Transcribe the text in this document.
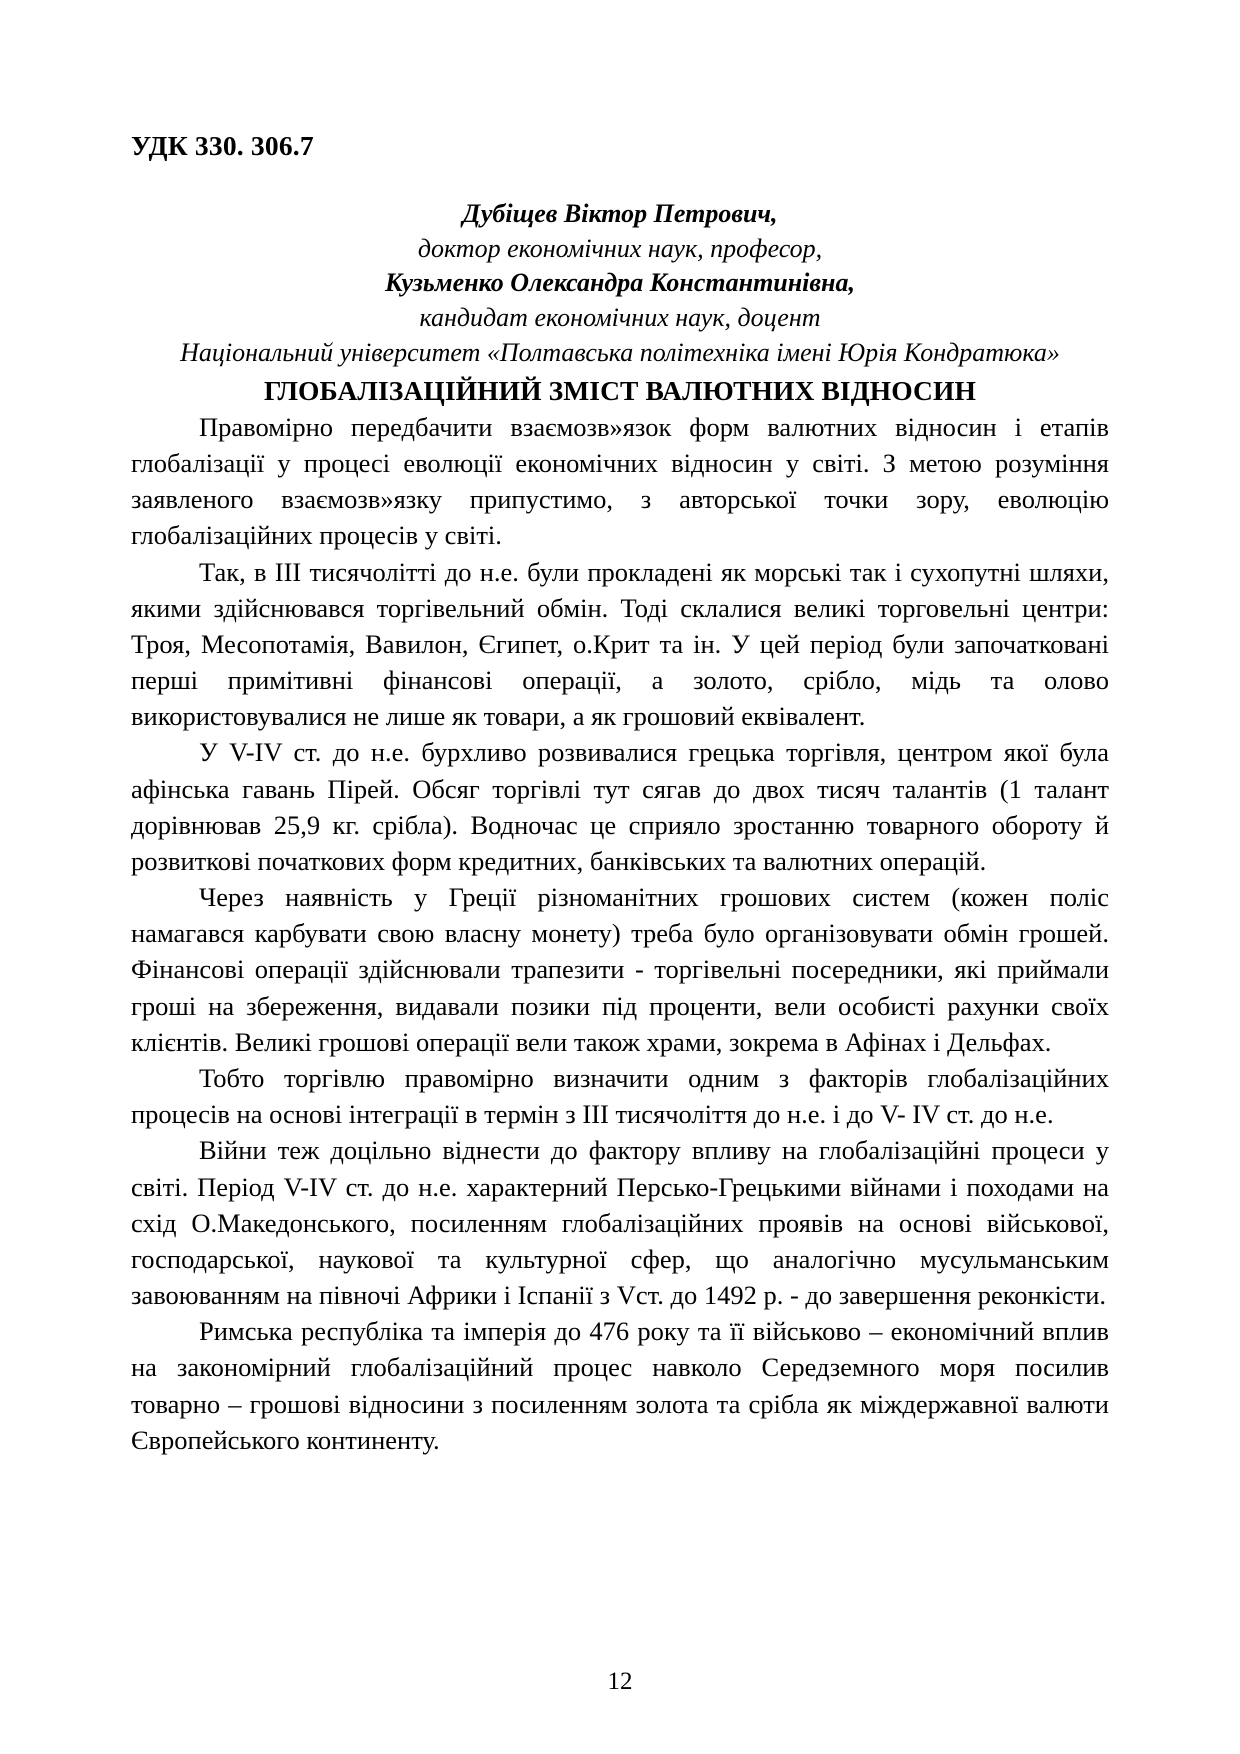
УДК 330. 306.7
Дубіщев Віктор Петрович,
доктор економічних наук, професор,
Кузьменко Олександра Константинівна,
кандидат економічних наук, доцент
Національний університет «Полтавська політехніка імені Юрія Кондратюка»
ГЛОБАЛІЗАЦІЙНИЙ ЗМІСТ ВАЛЮТНИХ ВІДНОСИН

Правомірно передбачити взаємозв»язок форм валютних відносин і етапів глобалізації у процесі еволюції економічних відносин у світі. З метою розуміння заявленого взаємозв»язку припустимо, з авторської точки зору, еволюцію глобалізаційних процесів у світі.

Так, в ІІІ тисячолітті до н.е. були прокладені як морські так і сухопутні шляхи, якими здійснювався торгівельний обмін. Тоді склалися великі торговельні центри: Троя, Месопотамія, Вавилон, Єгипет, о.Крит та ін. У цей період були започатковані перші примітивні фінансові операції, а золото, срібло, мідь та олово використовувалися не лише як товари, а як грошовий еквівалент.

У V-IV ст. до н.е. бурхливо розвивалися грецька торгівля, центром якої була афінська гавань Пірей. Обсяг торгівлі тут сягав до двох тисяч талантів (1 талант дорівнював 25,9 кг. срібла). Водночас це сприяло зростанню товарного обороту й розвиткові початкових форм кредитних, банківських та валютних операцій.

Через наявність у Греції різноманітних грошових систем (кожен поліс намагався карбувати свою власну монету) треба було організовувати обмін грошей. Фінансові операції здійснювали трапезити - торгівельні посередники, які приймали гроші на збереження, видавали позики під проценти, вели особисті рахунки своїх клієнтів. Великі грошові операції вели також храми, зокрема в Афінах і Дельфах.

Тобто торгівлю правомірно визначити одним з факторів глобалізаційних процесів на основі інтеграції в термін з ІІІ тисячоліття до н.е. і до V- IV ст. до н.е.

Війни теж доцільно віднести до фактору впливу на глобалізаційні процеси у світі. Період V-IV ст. до н.е. характерний Персько-Грецькими війнами і походами на схід О.Македонського, посиленням глобалізаційних проявів на основі військової, господарської, наукової та культурної сфер, що аналогічно мусульманським завоюванням на півночі Африки і Іспанії з Vст. до 1492 р. - до завершення реконкісти.

Римська республіка та імперія до 476 року та її військово – економічний вплив на закономірний глобалізаційний процес навколо Середземного моря посилив товарно – грошові відносини з посиленням золота та срібла як міждержавної валюти Європейського континенту.

12
